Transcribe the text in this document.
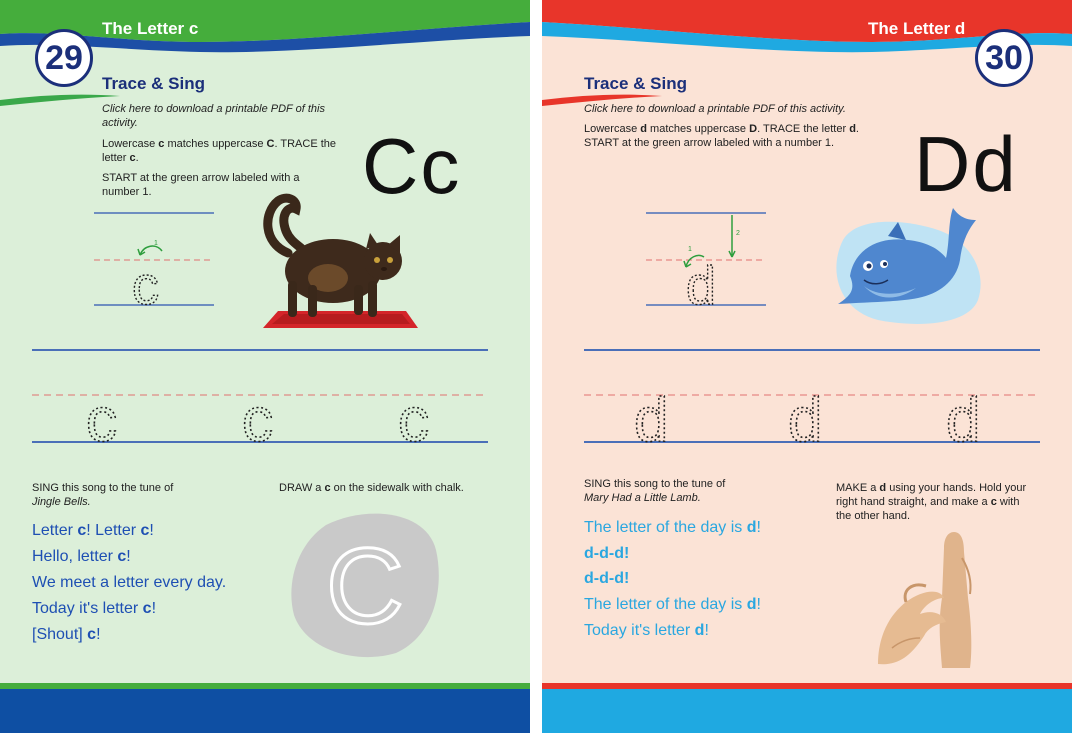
The Letter c
29
Trace & Sing
Click here to download a printable PDF of this activity.
Lowercase c matches uppercase C. TRACE the letter c.
START at the green arrow labeled with a number 1.	Cc
c
1
c c c
SING this song to the tune of
Jingle Bells.
DRAW a c on the sidewalk with chalk.
Letter c! Letter c!
Hello, letter c!
We meet a letter every day.
Today it's letter c!
[Shout] c! C
The Letter d
30
Trace & Sing
Click here to download a printable PDF of this activity.
Lowercase d matches uppercase D. TRACE the letter d.
START at the green arrow labeled with a number 1.	Dd
d
1
2
d d d
SING this song to the tune of
Mary Had a Little Lamb.
MAKE a d using your hands. Hold your right hand straight, and make a c with the other hand.
The letter of the day is d!
d-d-d!
d-d-d!
The letter of the day is d!
Today it's letter d!
